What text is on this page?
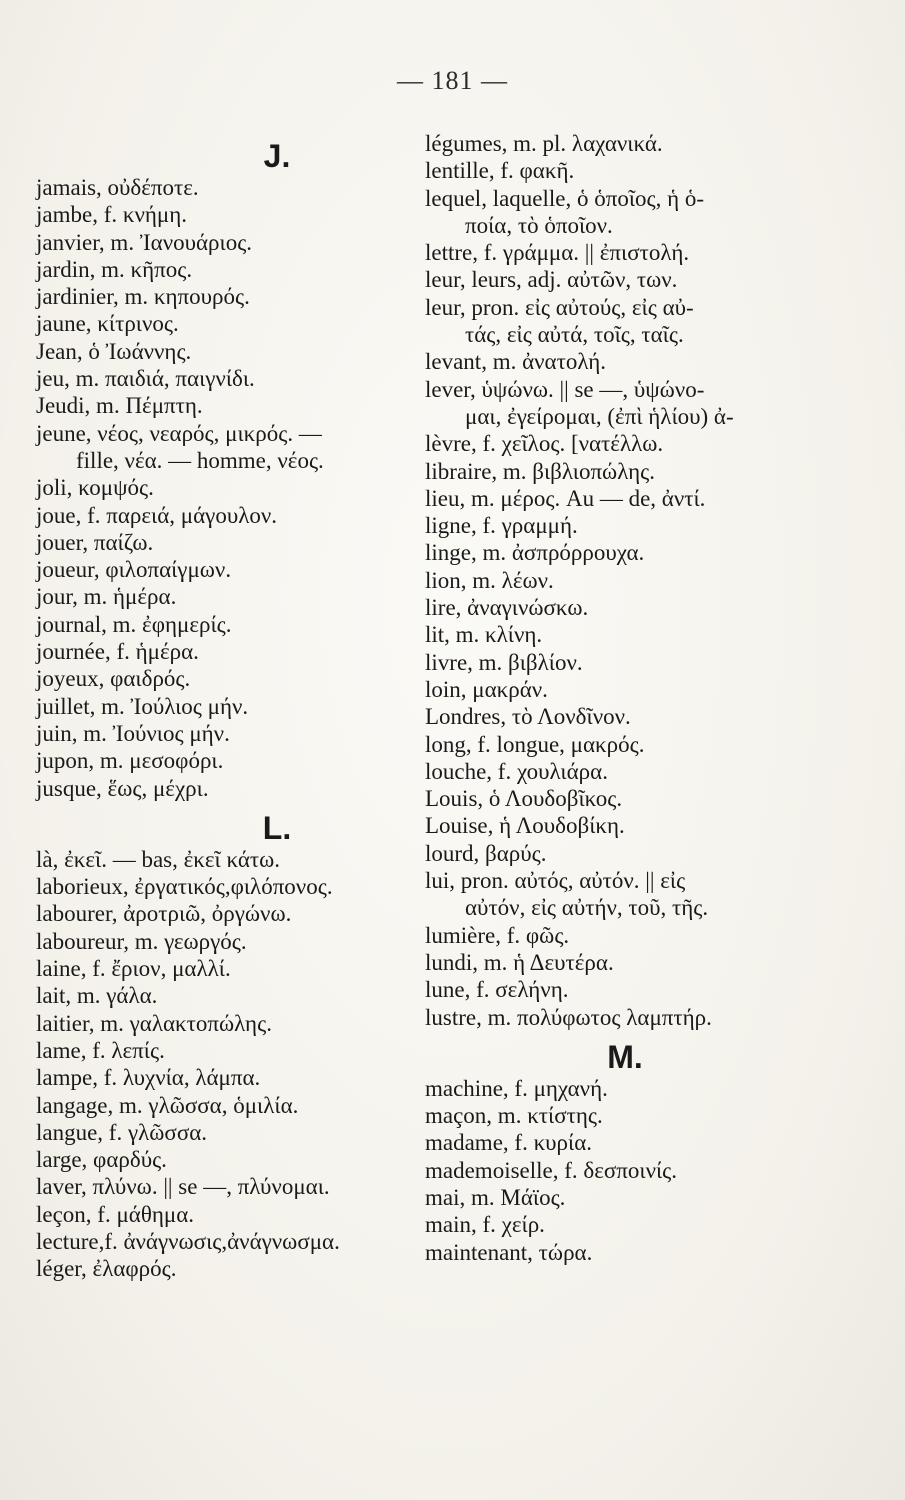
— 181 —
J.
jamais, οὐδέποτε.
jambe, f. κνήμη.
janvier, m. Ἰανουάριος.
jardin, m. κῆπος.
jardinier, m. κηπουρός.
jaune, κίτρινος.
Jean, ὁ Ἰωάννης.
jeu, m. παιδιά, παιγνίδι.
Jeudi, m. Πέμπτη.
jeune, νέος, νεαρός, μικρός. —
fille, νέα. — homme, νέος.
joli, κομψός.
joue, f. παρειά, μάγουλον.
jouer, παίζω.
joueur, φιλοπαίγμων.
jour, m. ἡμέρα.
journal, m. ἐφημερίς.
journée, f. ἡμέρα.
joyeux, φαιδρός.
juillet, m. Ἰούλιος μήν.
juin, m. Ἰούνιος μήν.
jupon, m. μεσοφόρι.
jusque, ἕως, μέχρι.
L.
là, ἐκεῖ. — bas, ἐκεῖ κάτω.
laborieux, ἐργατικός,φιλόπονος.
labourer, ἀροτριῶ, ὀργώνω.
laboureur, m. γεωργός.
laine, f. ἔριον, μαλλί.
lait, m. γάλα.
laitier, m. γαλακτοπώλης.
lame, f. λεπίς.
lampe, f. λυχνία, λάμπα.
langage, m. γλῶσσα, ὁμιλία.
langue, f. γλῶσσα.
large, φαρδύς.
laver, πλύνω. || se —, πλύνομαι.
leçon, f. μάθημα.
lecture,f. ἀνάγνωσις,ἀνάγνωσμα.
léger, ἐλαφρός.
légumes, m. pl. λαχανικά.
lentille, f. φακῆ.
lequel, laquelle, ὁ ὁποῖος, ἡ ὁ-
ποία, τὸ ὁποῖον.
lettre, f. γράμμα. || ἐπιστολή.
leur, leurs, adj. αὐτῶν, των.
leur, pron. εἰς αὐτούς, εἰς αὐ-
τάς, εἰς αὐτά, τοῖς, ταῖς.
levant, m. ἀνατολή.
lever, ὑψώνω. || se —, ὑψώνο-
μαι, ἐγείρομαι, (ἐπὶ ἡλίου) ἀ-
lèvre, f. χεῖλος. [νατέλλω.
libraire, m. βιβλιοπώλης.
lieu, m. μέρος. Au — de, ἀντί.
ligne, f. γραμμή.
linge, m. ἀσπρόρρουχα.
lion, m. λέων.
lire, ἀναγινώσκω.
lit, m. κλίνη.
livre, m. βιβλίον.
loin, μακράν.
Londres, τὸ Λονδῖνον.
long, f. longue, μακρός.
louche, f. χουλιάρα.
Louis, ὁ Λουδοβῖκος.
Louise, ἡ Λουδοβίκη.
lourd, βαρύς.
lui, pron. αὐτός, αὐτόν. || εἰς
αὐτόν, εἰς αὐτήν, τοῦ, τῆς.
lumière, f. φῶς.
lundi, m. ἡ Δευτέρα.
lune, f. σελήνη.
lustre, m. πολύφωτος λαμπτήρ.
M.
machine, f. μηχανή.
maçon, m. κτίστης.
madame, f. κυρία.
mademoiselle, f. δεσποινίς.
mai, m. Μάϊος.
main, f. χείρ.
maintenant, τώρα.
